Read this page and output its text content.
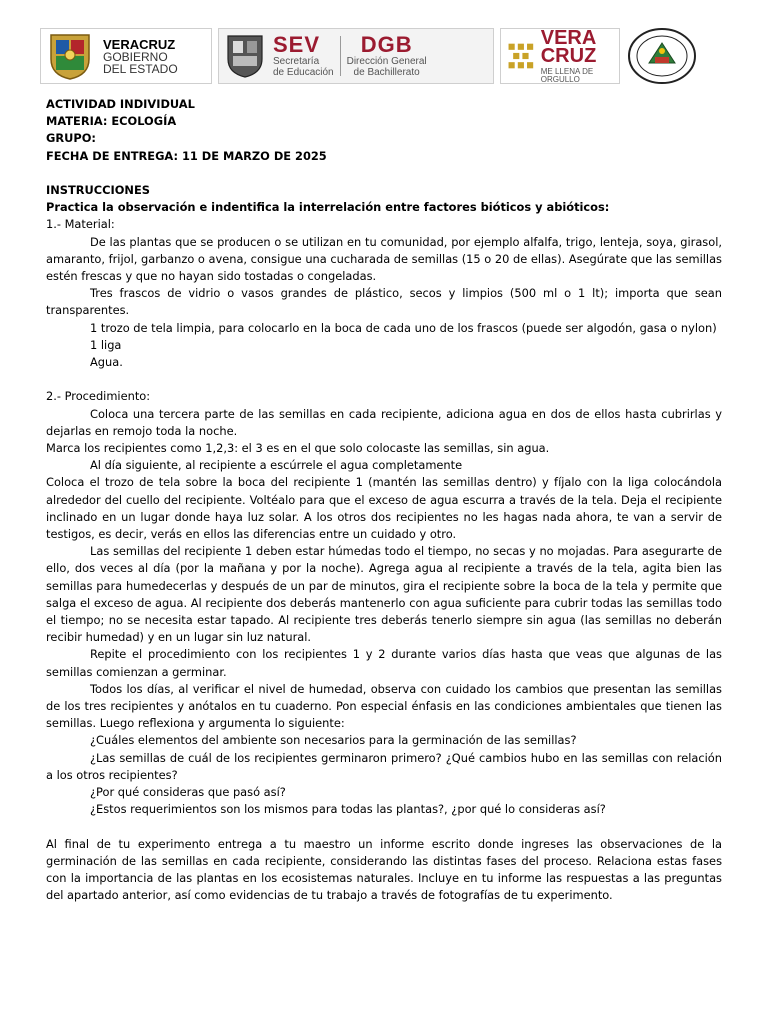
VERACRUZ
GOBIERNO
DEL ESTADO
SEV
Secretaría
de Educación
DGB
Dirección General
de Bachillerato
VERA
CRUZ
ME LLENA DE ORGULLO

ACTIVIDAD INDIVIDUAL

MATERIA: ECOLOGÍA

GRUPO:

FECHA DE ENTREGA: 11 DE MARZO DE 2025

INSTRUCCIONES

Practica la observación e indentifica la interrelación entre factores bióticos y abióticos:

1.- Material:

De las plantas que se producen o se utilizan en tu comunidad, por ejemplo alfalfa, trigo, lenteja, soya, girasol, amaranto, frijol, garbanzo o avena, consigue una cucharada de semillas (15 o 20 de ellas). Asegúrate que las semillas estén frescas y que no hayan sido tostadas o congeladas.

Tres frascos de vidrio o vasos grandes de plástico, secos y limpios (500 ml o 1 lt); importa que sean transparentes.

1 trozo de tela limpia, para colocarlo en la boca de cada uno de los frascos (puede ser algodón, gasa o nylon)

1 liga

Agua.

2.- Procedimiento:

Coloca una tercera parte de las semillas en cada recipiente, adiciona agua en dos de ellos hasta cubrirlas y dejarlas en remojo toda la noche.

Marca los recipientes como 1,2,3: el 3 es en el que solo colocaste las semillas, sin agua.

Al día siguiente, al recipiente a escúrrele el agua completamente

Coloca el trozo de tela sobre la boca del recipiente 1 (mantén las semillas dentro) y fíjalo con la liga colocándola alrededor del cuello del recipiente. Voltéalo para que el exceso de agua escurra a través de la tela. Deja el recipiente inclinado en un lugar donde haya luz solar. A los otros dos recipientes no les hagas nada ahora, te van a servir de testigos, es decir, verás en ellos las diferencias entre un cuidado y otro.

Las semillas del recipiente 1 deben estar húmedas todo el tiempo, no secas y no mojadas. Para asegurarte de ello, dos veces al día (por la mañana y por la noche). Agrega agua al recipiente a través de la tela, agita bien las semillas para humedecerlas y después de un par de minutos, gira el recipiente sobre la boca de la tela y permite que salga el exceso de agua. Al recipiente dos deberás mantenerlo con agua suficiente para cubrir todas las semillas todo el tiempo; no se necesita estar tapado. Al recipiente tres deberás tenerlo siempre sin agua (las semillas no deberán recibir humedad) y en un lugar sin luz natural.

Repite el procedimiento con los recipientes 1 y 2 durante varios días hasta que veas que algunas de las semillas comienzan a germinar.

Todos los días, al verificar el nivel de humedad, observa con cuidado los cambios que presentan las semillas de los tres recipientes y anótalos en tu cuaderno. Pon especial énfasis en las condiciones ambientales que tienen las semillas. Luego reflexiona y argumenta lo siguiente:

¿Cuáles elementos del ambiente son necesarios para la germinación de las semillas?

¿Las semillas de cuál de los recipientes germinaron primero? ¿Qué cambios hubo en las semillas con relación a los otros recipientes?

¿Por qué consideras que pasó así?

¿Estos requerimientos son los mismos para todas las plantas?, ¿por qué lo consideras así?

Al final de tu experimento entrega a tu maestro un informe escrito donde ingreses las observaciones de la germinación de las semillas en cada recipiente, considerando las distintas fases del proceso. Relaciona estas fases con la importancia de las plantas en los ecosistemas naturales. Incluye en tu informe las respuestas a las preguntas del apartado anterior, así como evidencias de tu trabajo a través de fotografías de tu experimento.
